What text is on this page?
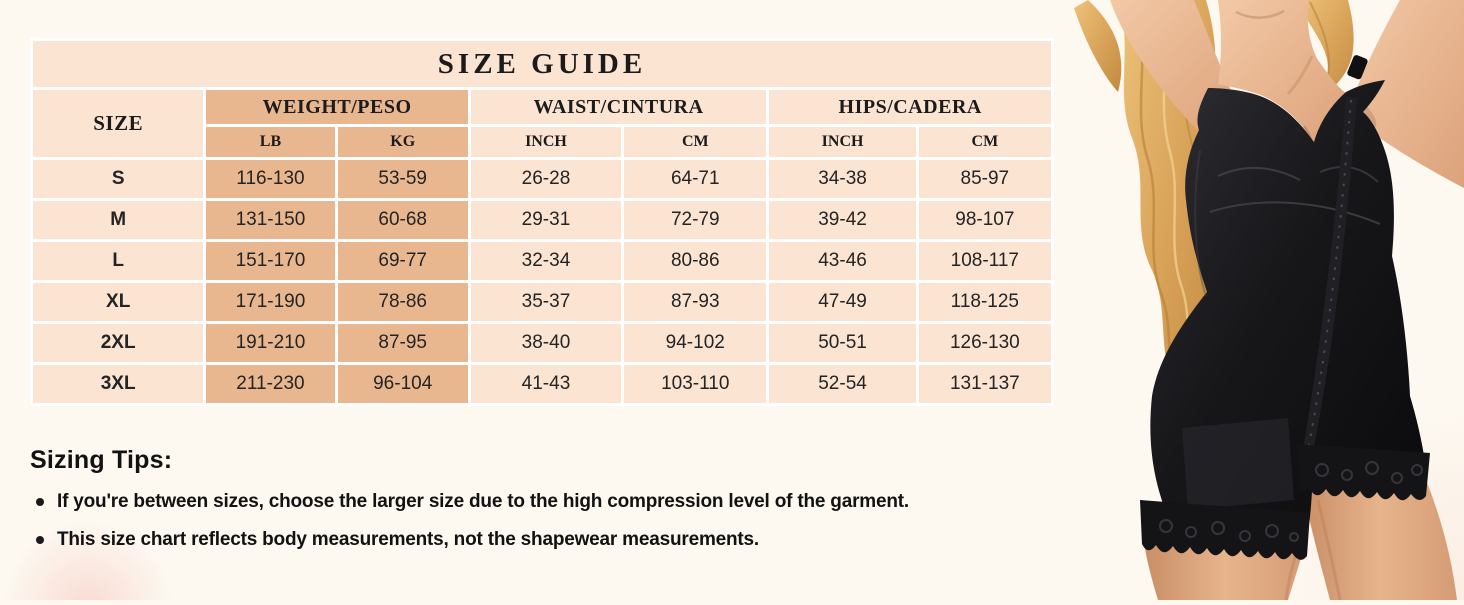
SIZE GUIDE						
SIZE	WEIGHT/PESO		WAIST/CINTURA		HIPS/CADERA	
	LB	KG	INCH	CM	INCH	CM
S	116-130	53-59	26-28	64-71	34-38	85-97
M	131-150	60-68	29-31	72-79	39-42	98-107
L	151-170	69-77	32-34	80-86	43-46	108-117
XL	171-190	78-86	35-37	87-93	47-49	118-125
2XL	191-210	87-95	38-40	94-102	50-51	126-130
3XL	211-230	96-104	41-43	103-110	52-54	131-137
Sizing Tips:
If you're between sizes, choose the larger size due to the high compression level of the garment.
This size chart reflects body measurements, not the shapewear measurements.
